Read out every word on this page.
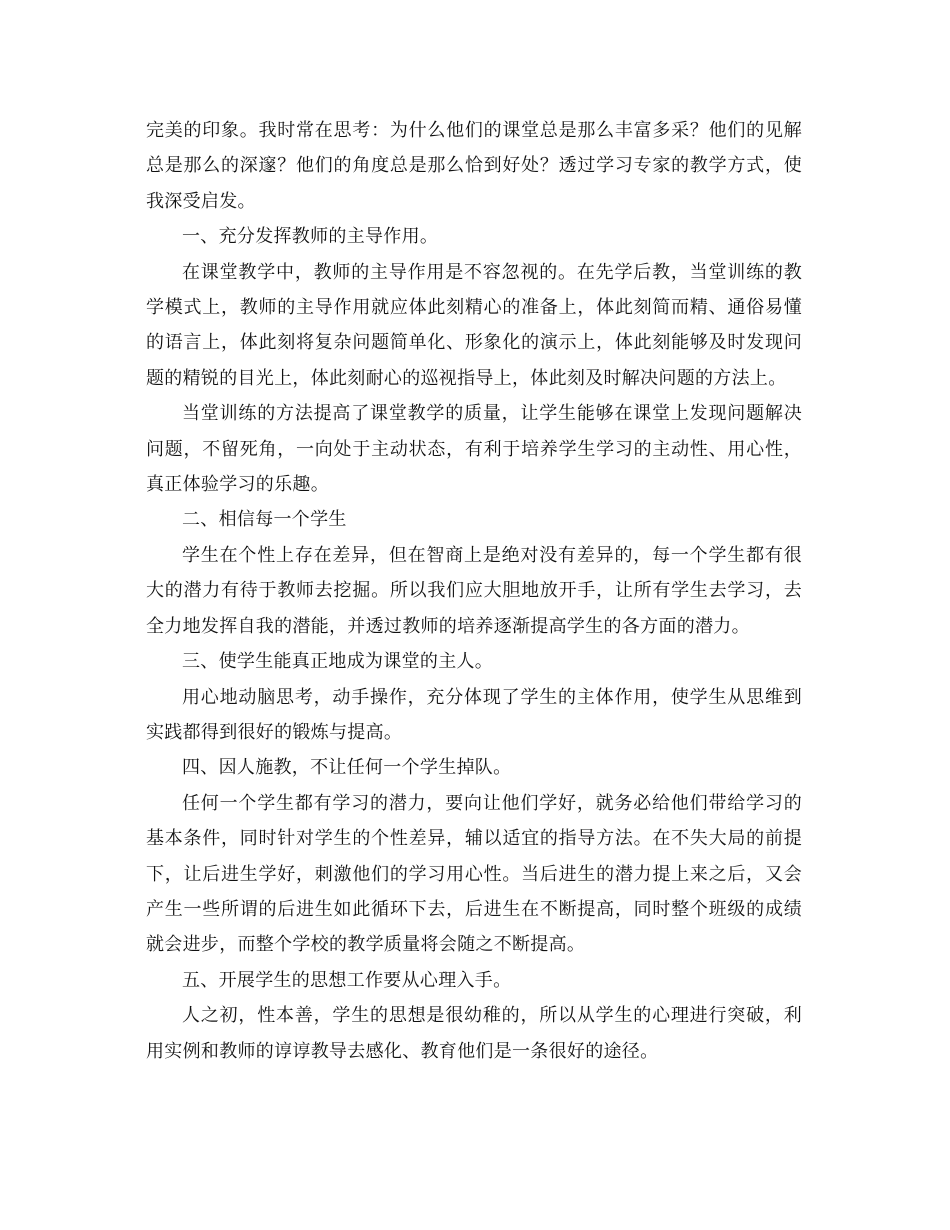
完美的印象。我时常在思考：为什么他们的课堂总是那么丰富多采？他们的见解总是那么的深邃？他们的角度总是那么恰到好处？透过学习专家的教学方式，使我深受启发。

一、充分发挥教师的主导作用。

在课堂教学中，教师的主导作用是不容忽视的。在先学后教，当堂训练的教学模式上，教师的主导作用就应体此刻精心的准备上，体此刻简而精、通俗易懂的语言上，体此刻将复杂问题简单化、形象化的演示上，体此刻能够及时发现问题的精锐的目光上，体此刻耐心的巡视指导上，体此刻及时解决问题的方法上。

当堂训练的方法提高了课堂教学的质量，让学生能够在课堂上发现问题解决问题，不留死角，一向处于主动状态，有利于培养学生学习的主动性、用心性，真正体验学习的乐趣。

二、相信每一个学生

学生在个性上存在差异，但在智商上是绝对没有差异的，每一个学生都有很大的潜力有待于教师去挖掘。所以我们应大胆地放开手，让所有学生去学习，去全力地发挥自我的潜能，并透过教师的培养逐渐提高学生的各方面的潜力。

三、使学生能真正地成为课堂的主人。

用心地动脑思考，动手操作，充分体现了学生的主体作用，使学生从思维到实践都得到很好的锻炼与提高。

四、因人施教，不让任何一个学生掉队。

任何一个学生都有学习的潜力，要向让他们学好，就务必给他们带给学习的基本条件，同时针对学生的个性差异，辅以适宜的指导方法。在不失大局的前提下，让后进生学好，刺激他们的学习用心性。当后进生的潜力提上来之后，又会产生一些所谓的后进生如此循环下去，后进生在不断提高，同时整个班级的成绩就会进步，而整个学校的教学质量将会随之不断提高。

五、开展学生的思想工作要从心理入手。

人之初，性本善，学生的思想是很幼稚的，所以从学生的心理进行突破，利用实例和教师的谆谆教导去感化、教育他们是一条很好的途径。
